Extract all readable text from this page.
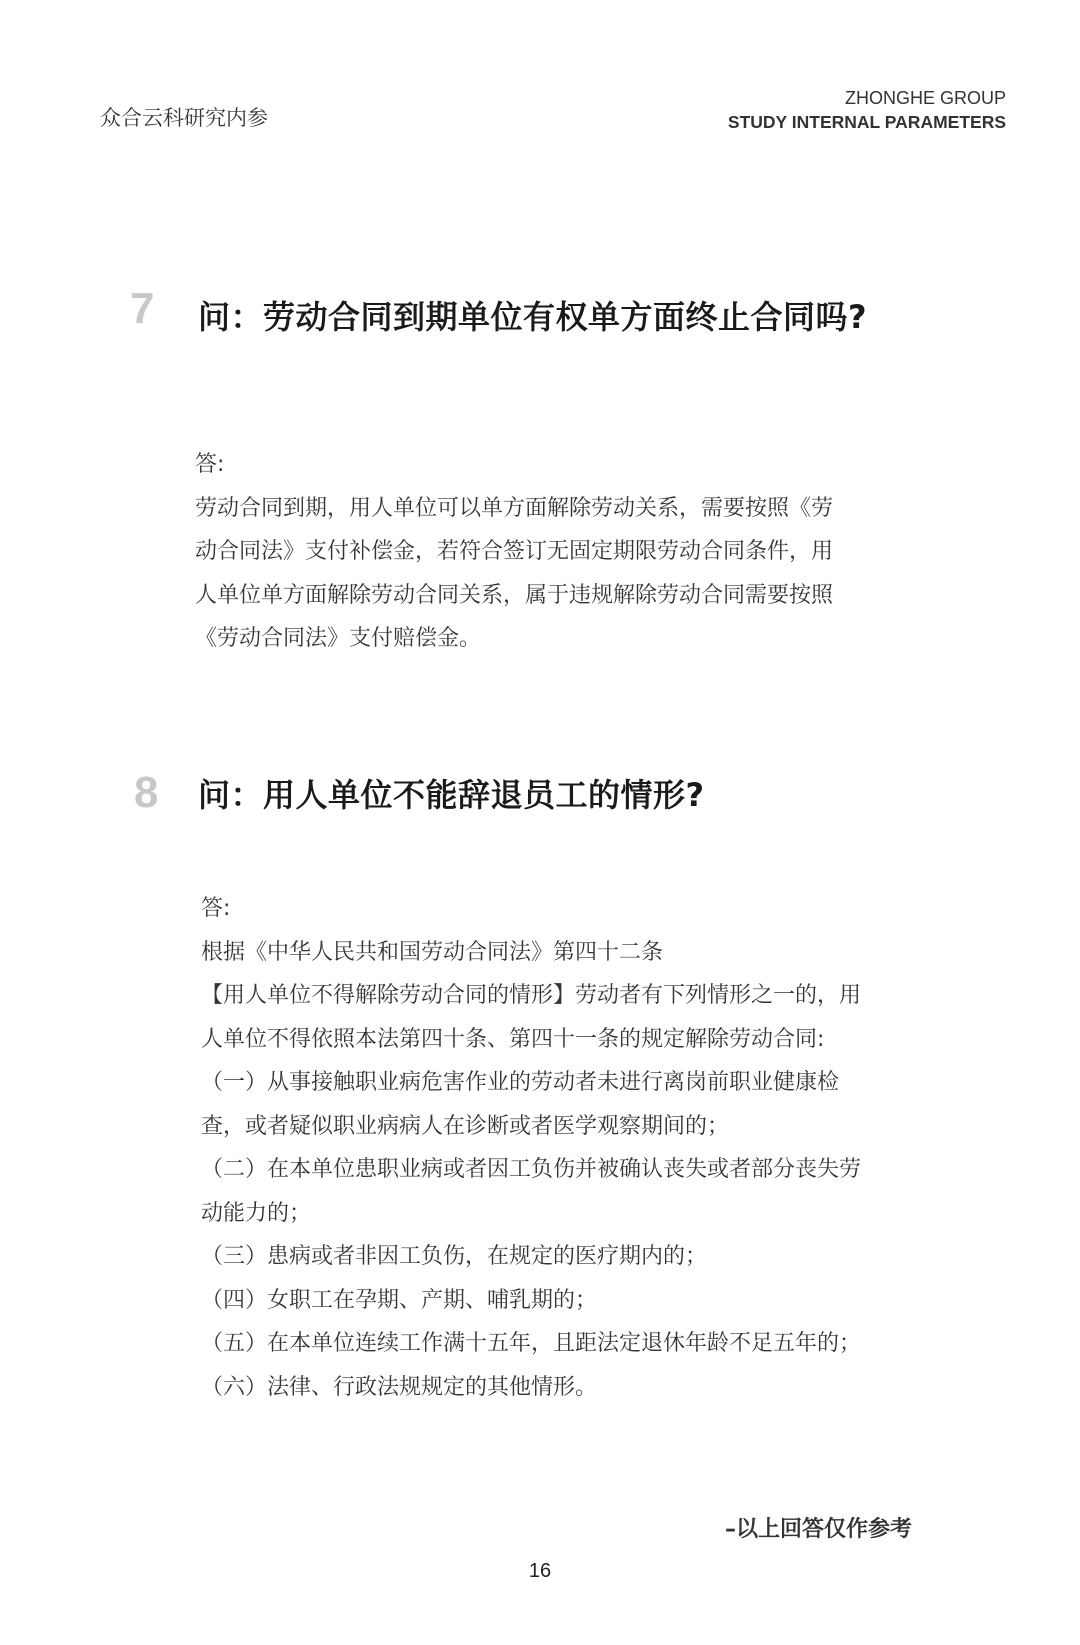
众合云科研究内参
ZHONGHE GROUP
STUDY INTERNAL PARAMETERS
7 问：劳动合同到期单位有权单方面终止合同吗?

答:

劳动合同到期，用人单位可以单方面解除劳动关系，需要按照《劳

动合同法》支付补偿金，若符合签订无固定期限劳动合同条件，用

人单位单方面解除劳动合同关系，属于违规解除劳动合同需要按照

《劳动合同法》支付赔偿金。

8 问：用人单位不能辞退员工的情形?

答:

根据《中华人民共和国劳动合同法》第四十二条

【用人单位不得解除劳动合同的情形】劳动者有下列情形之一的，用

人单位不得依照本法第四十条、第四十一条的规定解除劳动合同:

（一）从事接触职业病危害作业的劳动者未进行离岗前职业健康检

查，或者疑似职业病病人在诊断或者医学观察期间的；

（二）在本单位患职业病或者因工负伤并被确认丧失或者部分丧失劳

动能力的；

（三）患病或者非因工负伤，在规定的医疗期内的；

（四）女职工在孕期、产期、哺乳期的；

（五）在本单位连续工作满十五年，且距法定退休年龄不足五年的；

（六）法律、行政法规规定的其他情形。

–以上回答仅作参考
16
